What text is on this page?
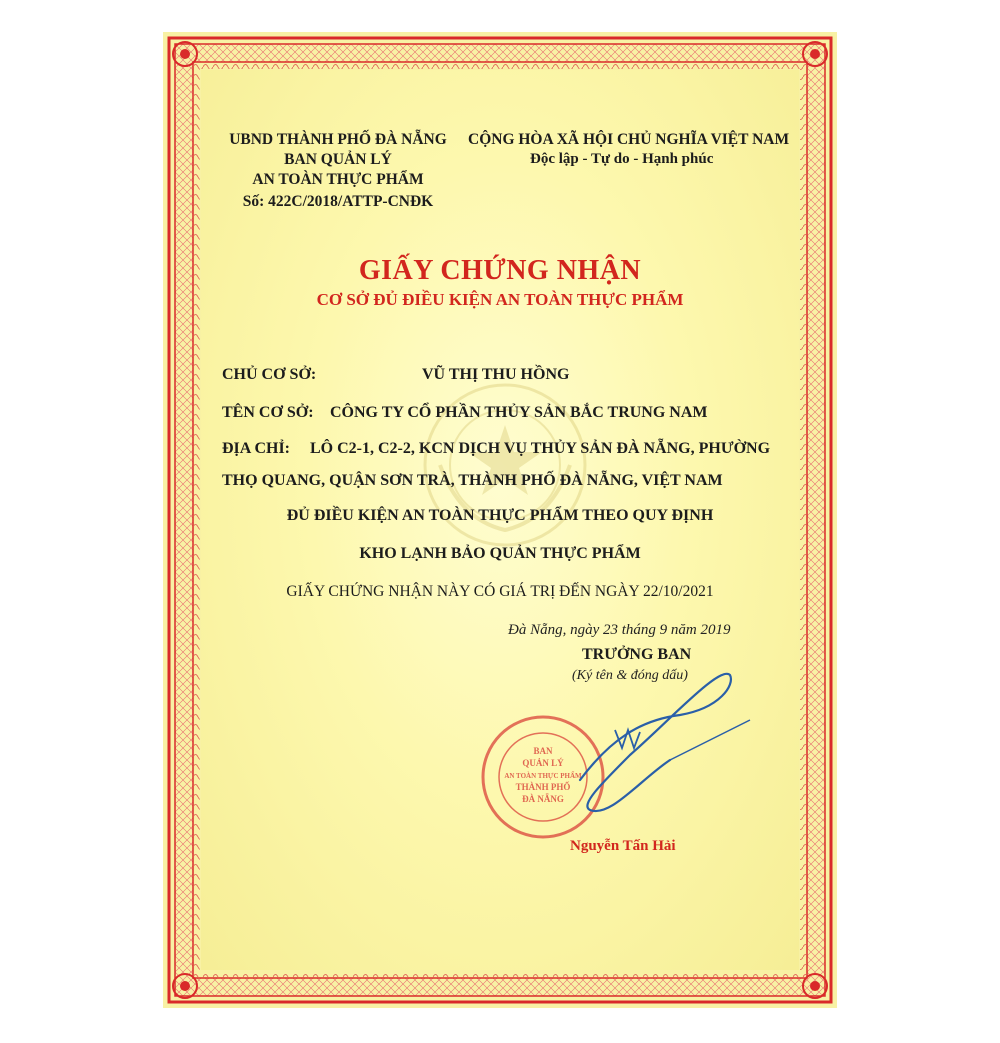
UBND THÀNH PHỐ ĐÀ NẴNG
BAN QUẢN LÝ
AN TOÀN THỰC PHẨM
Số: 422C/2018/ATTP-CNĐK
CỘNG HÒA XÃ HỘI CHỦ NGHĨA VIỆT NAM
Độc lập - Tự do - Hạnh phúc
GIẤY CHỨNG NHẬN
CƠ SỞ ĐỦ ĐIỀU KIỆN AN TOÀN THỰC PHẨM
CHỦ CƠ SỞ:	VŨ THỊ THU HỒNG
TÊN CƠ SỞ: CÔNG TY CỔ PHẦN THỦY SẢN BẮC TRUNG NAM
ĐỊA CHỈ: LÔ C2-1, C2-2, KCN DỊCH VỤ THỦY SẢN ĐÀ NẴNG, PHƯỜNG
THỌ QUANG, QUẬN SƠN TRÀ, THÀNH PHỐ ĐÀ NẴNG, VIỆT NAM
ĐỦ ĐIỀU KIỆN AN TOÀN THỰC PHẨM THEO QUY ĐỊNH
KHO LẠNH BẢO QUẢN THỰC PHẨM
GIẤY CHỨNG NHẬN NÀY CÓ GIÁ TRỊ ĐẾN NGÀY 22/10/2021
Đà Nẵng, ngày 23 tháng 9 năm 2019
TRƯỞNG BAN
(Ký tên & đóng dấu)
BAN
QUẢN LÝ
AN TOÀN THỰC PHẨM
THÀNH PHỐ
ĐÀ NẴNG
Nguyễn Tấn Hải
